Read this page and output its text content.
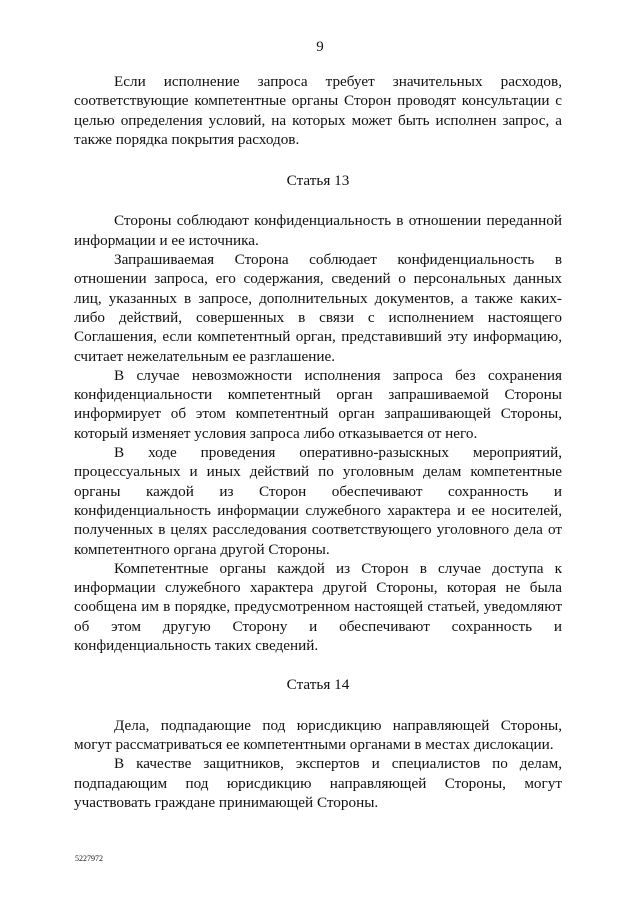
9

Если исполнение запроса требует значительных расходов, соответствующие компетентные органы Сторон проводят консультации с целью определения условий, на которых может быть исполнен запрос, а также порядка покрытия расходов.

Статья 13

Стороны соблюдают конфиденциальность в отношении переданной информации и ее источника.

Запрашиваемая Сторона соблюдает конфиденциальность в отношении запроса, его содержания, сведений о персональных данных лиц, указанных в запросе, дополнительных документов, а также каких-либо действий, совершенных в связи с исполнением настоящего Соглашения, если компетентный орган, представивший эту информацию, считает нежелательным ее разглашение.

В случае невозможности исполнения запроса без сохранения конфиденциальности компетентный орган запрашиваемой Стороны информирует об этом компетентный орган запрашивающей Стороны, который изменяет условия запроса либо отказывается от него.

В ходе проведения оперативно-разыскных мероприятий, процессуальных и иных действий по уголовным делам компетентные органы каждой из Сторон обеспечивают сохранность и конфиденциальность информации служебного характера и ее носителей, полученных в целях расследования соответствующего уголовного дела от компетентного органа другой Стороны.

Компетентные органы каждой из Сторон в случае доступа к информации служебного характера другой Стороны, которая не была сообщена им в порядке, предусмотренном настоящей статьей, уведомляют об этом другую Сторону и обеспечивают сохранность и конфиденциальность таких сведений.

Статья 14

Дела, подпадающие под юрисдикцию направляющей Стороны, могут рассматриваться ее компетентными органами в местах дислокации.

В качестве защитников, экспертов и специалистов по делам, подпадающим под юрисдикцию направляющей Стороны, могут участвовать граждане принимающей Стороны.

5227972
